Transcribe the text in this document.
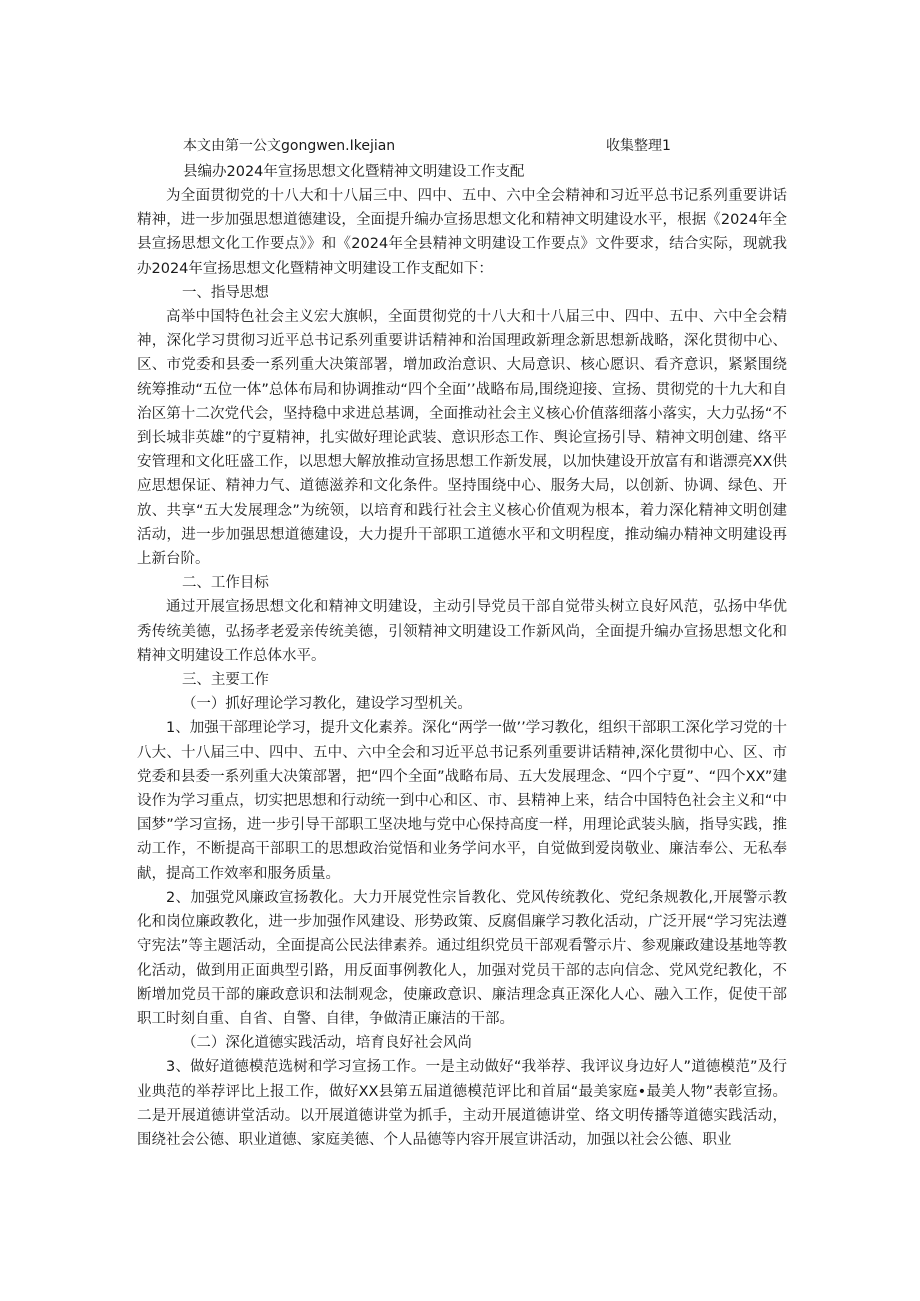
本文由第一公文gongwen.Ikejian	收集整理1
县编办2024年宣扬思想文化暨精神文明建设工作支配

为全面贯彻党的十八大和十八届三中、四中、五中、六中全会精神和习近平总书记系列重要讲话精神，进一步加强思想道德建设，全面提升编办宣扬思想文化和精神文明建设水平，根据《2024年全县宣扬思想文化工作要点》》和《2024年全县精神文明建设工作要点》文件要求，结合实际，现就我办2024年宣扬思想文化暨精神文明建设工作支配如下：

一、指导思想

高举中国特色社会主义宏大旗帜，全面贯彻党的十八大和十八届三中、四中、五中、六中全会精神，深化学习贯彻习近平总书记系列重要讲话精神和治国理政新理念新思想新战略，深化贯彻中心、区、市党委和县委一系列重大决策部署，增加政治意识、大局意识、核心愿识、看齐意识，紧紧围绕统筹推动“五位一体”总体布局和协调推动“四个全面’’战略布局,围绕迎接、宣扬、贯彻党的十九大和自治区第十二次党代会，坚持稳中求进总基调，全面推动社会主义核心价值落细落小落实，大力弘扬“不到长城非英雄”的宁夏精神，扎实做好理论武装、意识形态工作、舆论宣扬引导、精神文明创建、络平安管理和文化旺盛工作，以思想大解放推动宣扬思想工作新发展，以加快建设开放富有和谐漂亮XX供应思想保证、精神力气、道德滋养和文化条件。坚持围绕中心、服务大局，以创新、协调、绿色、开放、共享“五大发展理念”为统领，以培育和践行社会主义核心价值观为根本，着力深化精神文明创建活动，进一步加强思想道德建设，大力提升干部职工道德水平和文明程度，推动编办精神文明建设再上新台阶。

二、工作目标

通过开展宣扬思想文化和精神文明建设，主动引导党员干部自觉带头树立良好风范，弘扬中华优秀传统美德，弘扬孝老爱亲传统美德，引领精神文明建设工作新风尚，全面提升编办宣扬思想文化和精神文明建设工作总体水平。

三、主要工作

（一）抓好理论学习教化，建设学习型机关。

1、加强干部理论学习，提升文化素养。深化“两学一做’’学习教化，组织干部职工深化学习党的十八大、十八届三中、四中、五中、六中全会和习近平总书记系列重要讲话精神,深化贯彻中心、区、市党委和县委一系列重大决策部署，把“四个全面”战略布局、五大发展理念、“四个宁夏”、“四个XX”建设作为学习重点，切实把思想和行动统一到中心和区、市、县精神上来，结合中国特色社会主义和“中国梦”学习宣扬，进一步引导干部职工坚决地与党中心保持高度一样，用理论武装头脑，指导实践，推动工作，不断提高干部职工的思想政治觉悟和业务学问水平，自觉做到爱岗敬业、廉洁奉公、无私奉献，提高工作效率和服务质量。

2、加强党风廉政宣扬教化。大力开展党性宗旨教化、党风传统教化、党纪条规教化,开展警示教化和岗位廉政教化，进一步加强作风建设、形势政策、反腐倡廉学习教化活动，广泛开展“学习宪法遵守宪法”等主题活动，全面提高公民法律素养。通过组织党员干部观看警示片、参观廉政建设基地等教化活动，做到用正面典型引路，用反面事例教化人，加强对党员干部的志向信念、党风党纪教化，不断增加党员干部的廉政意识和法制观念，使廉政意识、廉洁理念真正深化人心、融入工作，促使干部职工时刻自重、自省、自警、自律，争做清正廉洁的干部。

（二）深化道德实践活动，培育良好社会风尚

3、做好道德模范选树和学习宣扬工作。一是主动做好“我举荐、我评议身边好人”道德模范”及行业典范的举荐评比上报工作，做好XX县第五届道德模范评比和首届“最美家庭•最美人物”表彰宣扬。二是开展道德讲堂活动。以开展道德讲堂为抓手，主动开展道德讲堂、络文明传播等道德实践活动，围绕社会公德、职业道德、家庭美德、个人品德等内容开展宣讲活动，加强以社会公德、职业
